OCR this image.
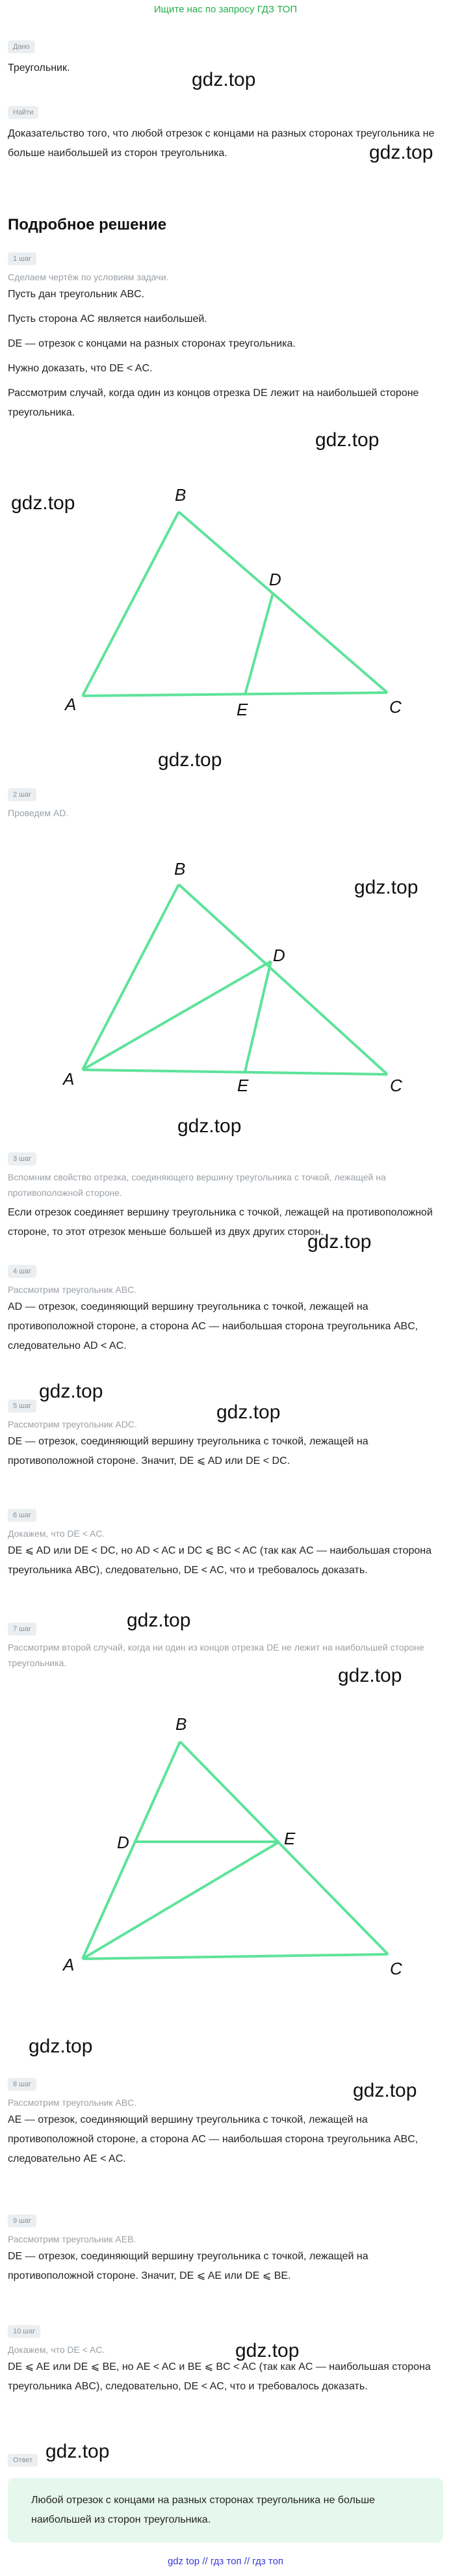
Ищите нас по запросу ГДЗ ТОП
Дано
Треугольник.
gdz.top
Найти
Доказательство того, что любой отрезок с концами на разных сторонах треугольника не больше наибольшей из сторон треугольника.	gdz.top
Подробное решение
1 шаг
Сделаем чертёж по условиям задачи.
Пусть дан треугольник ABC.
Пусть сторона AC является наибольшей.
DE — отрезок с концами на разных сторонах треугольника.
Нужно доказать, что DE < AC.
Рассмотрим случай, когда один из концов отрезка DE лежит на наибольшей стороне треугольника.
gdz.top
gdz.top	B
A	C
D
E
gdz.top
2 шаг
Проведем AD.
gdz.top
B
A	C
D
E
gdz.top
3 шаг
Вспомним свойство отрезка, соединяющего вершину треугольника с точкой, лежащей на противоположной стороне.
Если отрезок соединяет вершину треугольника с точкой, лежащей на противоположной стороне, то этот отрезок меньше большей из двух других сторон.
gdz.top
4 шаг
Рассмотрим треугольник ABC.
AD — отрезок, соединяющий вершину треугольника с точкой, лежащей на противоположной стороне, а сторона AC — наибольшая сторона треугольника ABC, следовательно AD < AC.
gdz.top
5 шаг
Рассмотрим треугольник ADC.
DE — отрезок, соединяющий вершину треугольника с точкой, лежащей на противоположной стороне. Значит, DE ⩽ AD или DE < DC.
gdz.top
6 шаг
Докажем, что DE < AC.
DE ⩽ AD или DE < DC, но AD < AC и DC ⩽ BC < AC (так как AC — наибольшая сторона треугольника ABC), следовательно, DE < AC, что и требовалось доказать.
gdz.top
7 шаг
Рассмотрим второй случай, когда ни один из концов отрезка DE не лежит на наибольшей стороне треугольника.
gdz.top
B
A	C
D	E
gdz.top
gdz.top
8 шаг
Рассмотрим треугольник ABC.
AE — отрезок, соединяющий вершину треугольника с точкой, лежащей на противоположной стороне, а сторона AC — наибольшая сторона треугольника ABC, следовательно AE < AC.
9 шаг
Рассмотрим треугольник AEB.
DE — отрезок, соединяющий вершину треугольника с точкой, лежащей на противоположной стороне. Значит, DE ⩽ AE или DE ⩽ BE.
10 шаг
Докажем, что DE < AC.
DE ⩽ AE или DE ⩽ BE, но AE < AC и BE ⩽ BC < AC (так как AC — наибольшая сторона треугольника ABC), следовательно, DE < AC, что и требовалось доказать.
gdz.top
gdz.top
Ответ
Любой отрезок с концами на разных сторонах треугольника не больше наибольшей из сторон треугольника.
gdz top // гдз топ // гдз топ
